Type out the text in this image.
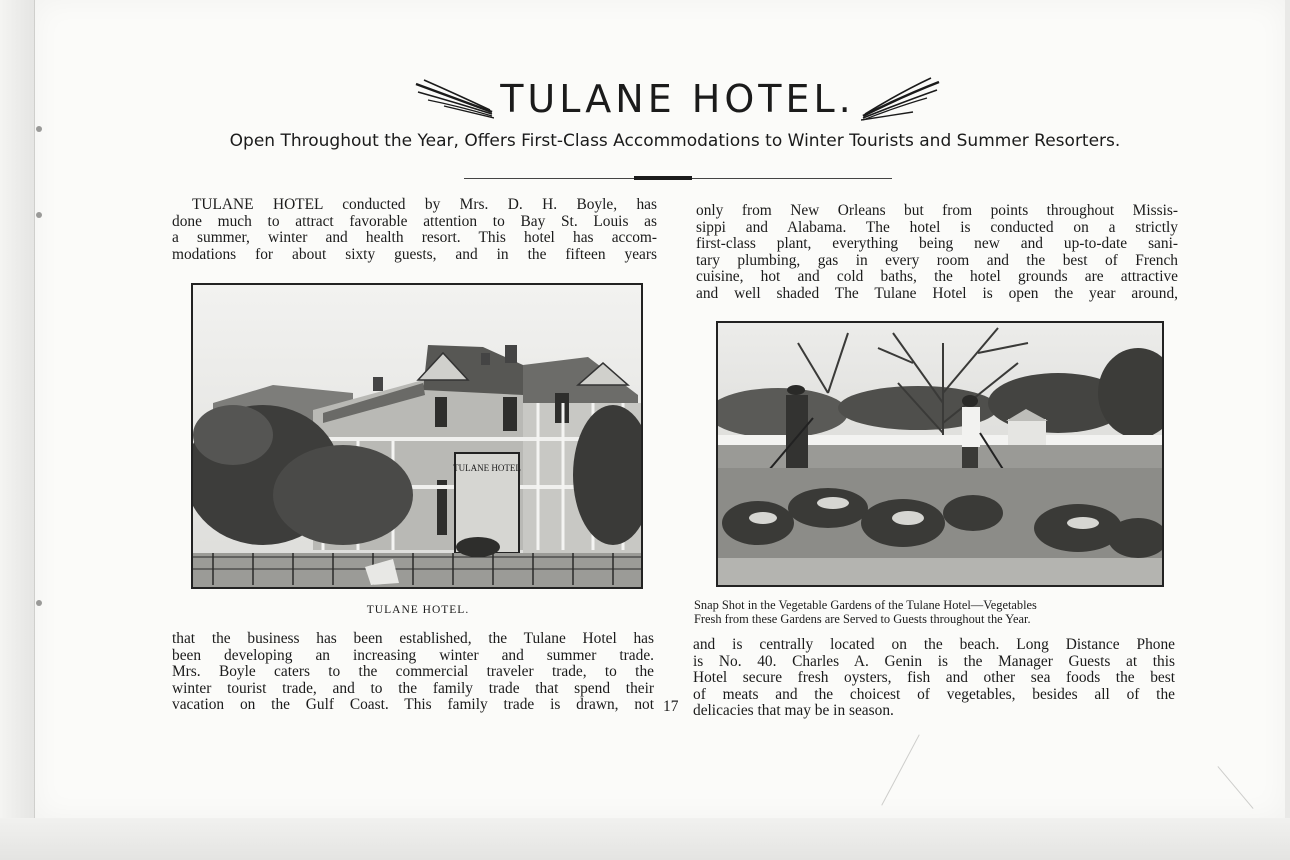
TULANE HOTEL.
Open Throughout the Year, Offers First-Class Accommodations to Winter Tourists and Summer Resorters.

TULANE HOTEL conducted by Mrs. D. H. Boyle, has
done much to attract favorable attention to Bay St. Louis as
a summer, winter and health resort. This hotel has accom-
modations for about sixty guests, and in the fifteen years

TULANE HOTEL
TULANE HOTEL.

that the business has been established, the Tulane Hotel has
been developing an increasing winter and summer trade.
Mrs. Boyle caters to the commercial traveler trade, to the
winter tourist trade, and to the family trade that spend their
vacation on the Gulf Coast. This family trade is drawn, not 17

only from New Orleans but from points throughout Missis-
sippi and Alabama. The hotel is conducted on a strictly
first-class plant, everything being new and up-to-date sani-
tary plumbing, gas in every room and the best of French
cuisine, hot and cold baths, the hotel grounds are attractive
and well shaded The Tulane Hotel is open the year around,

Snap Shot in the Vegetable Gardens of the Tulane Hotel—Vegetables
Fresh from these Gardens are Served to Guests throughout the Year.

and is centrally located on the beach. Long Distance Phone
is No. 40. Charles A. Genin is the Manager Guests at this
Hotel secure fresh oysters, fish and other sea foods the best
of meats and the choicest of vegetables, besides all of the
delicacies that may be in season.
